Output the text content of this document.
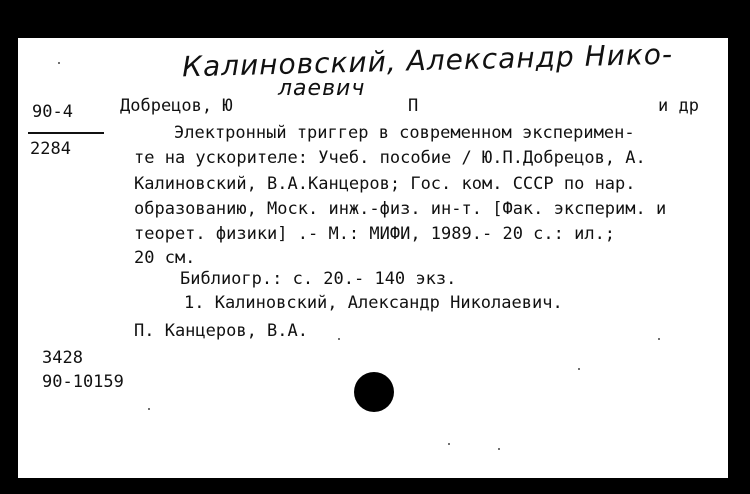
Калиновский, Александр Нико-
лаевич
90-4
2284
Добрецов, Ю	П	и др
Электронный триггер в современном эксперимен-
те на ускорителе: Учеб. пособие / Ю.П.Добрецов, А.
Калиновский, В.А.Канцеров; Гос. ком. СССР по нар.
образованию, Моск. инж.-физ. ин-т. [Фак. эксперим. и
теорет. физики] .- М.: МИФИ, 1989.- 20 с.: ил.;
20 см.
Библиогр.: с. 20.- 140 экз.
1. Калиновский, Александр Николаевич.
П. Канцеров, В.А.
3428
90-10159
